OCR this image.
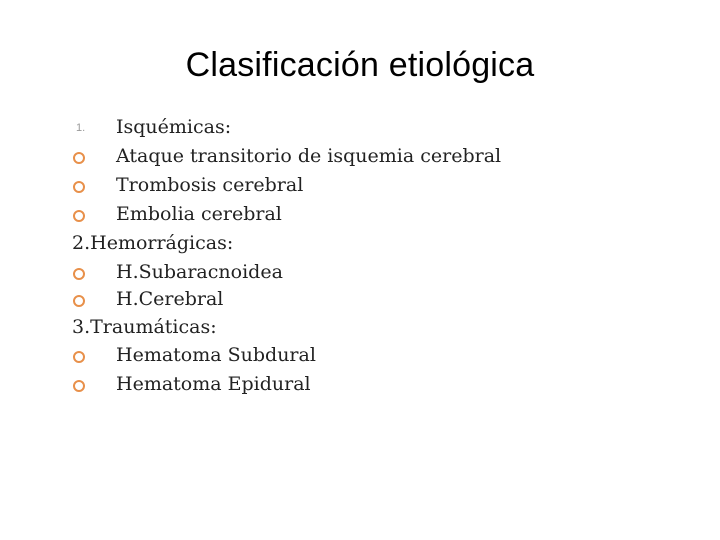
Clasificación etiológica
1. Isquémicas:
Ataque transitorio de isquemia cerebral
Trombosis cerebral
Embolia cerebral
2.Hemorrágicas:
H.Subaracnoidea
H.Cerebral
3.Traumáticas:
Hematoma Subdural
Hematoma Epidural
